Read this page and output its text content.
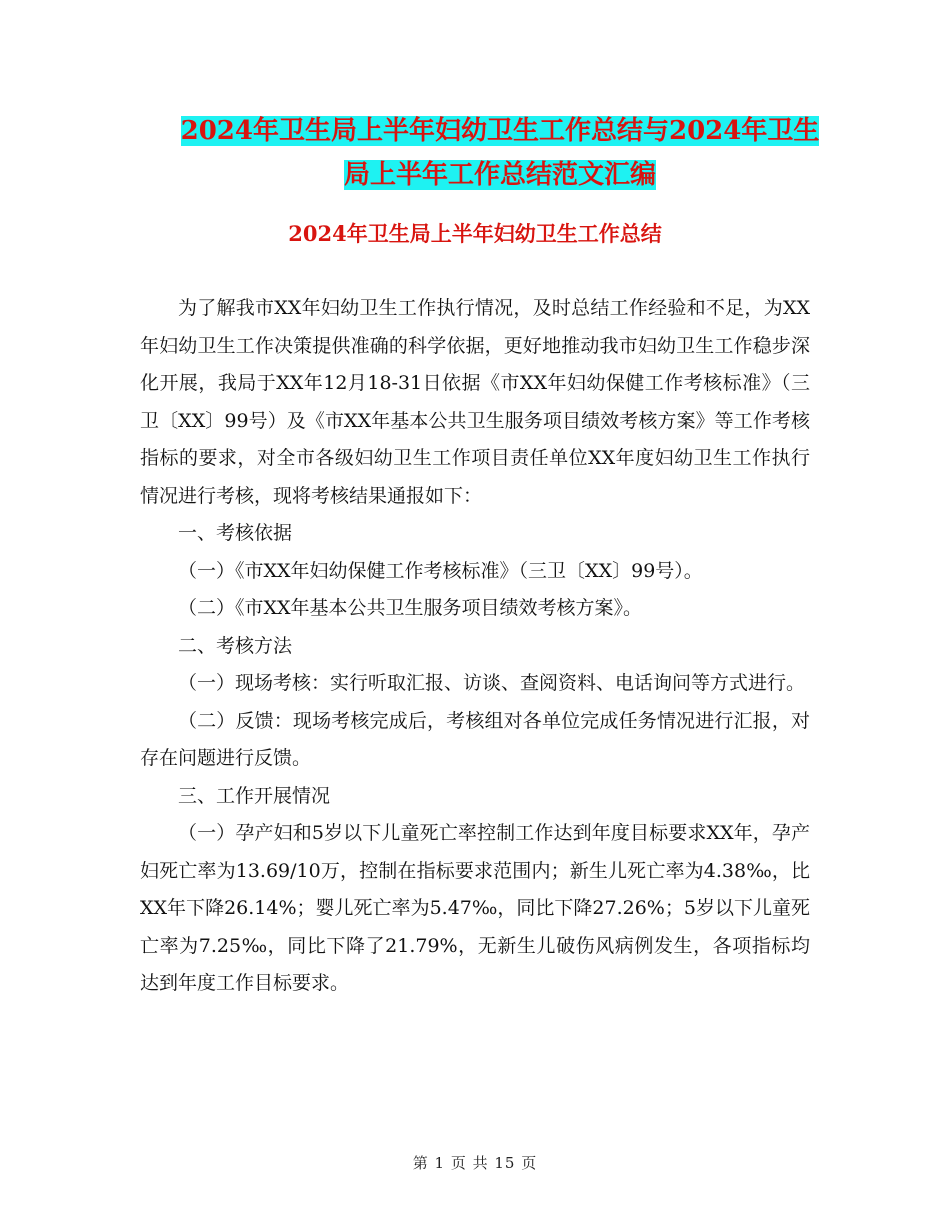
2024年卫生局上半年妇幼卫生工作总结与2024年卫生
局上半年工作总结范文汇编
2024年卫生局上半年妇幼卫生工作总结

为了解我市XX年妇幼卫生工作执行情况，及时总结工作经验和不足，为XX年妇幼卫生工作决策提供准确的科学依据，更好地推动我市妇幼卫生工作稳步深化开展，我局于XX年12月18-31日依据《市XX年妇幼保健工作考核标准》（三卫〔XX〕99号）及《市XX年基本公共卫生服务项目绩效考核方案》等工作考核指标的要求，对全市各级妇幼卫生工作项目责任单位XX年度妇幼卫生工作执行情况进行考核，现将考核结果通报如下：

一、考核依据

（一）《市XX年妇幼保健工作考核标准》（三卫〔XX〕99号）。

（二）《市XX年基本公共卫生服务项目绩效考核方案》。

二、考核方法

（一）现场考核：实行听取汇报、访谈、查阅资料、电话询问等方式进行。

（二）反馈：现场考核完成后，考核组对各单位完成任务情况进行汇报，对存在问题进行反馈。

三、工作开展情况

（一）孕产妇和5岁以下儿童死亡率控制工作达到年度目标要求XX年，孕产妇死亡率为13.69/10万，控制在指标要求范围内；新生儿死亡率为4.38‰，比XX年下降26.14%；婴儿死亡率为5.47‰，同比下降27.26%；5岁以下儿童死亡率为7.25‰，同比下降了21.79%，无新生儿破伤风病例发生，各项指标均达到年度工作目标要求。

第 1 页 共 15 页
